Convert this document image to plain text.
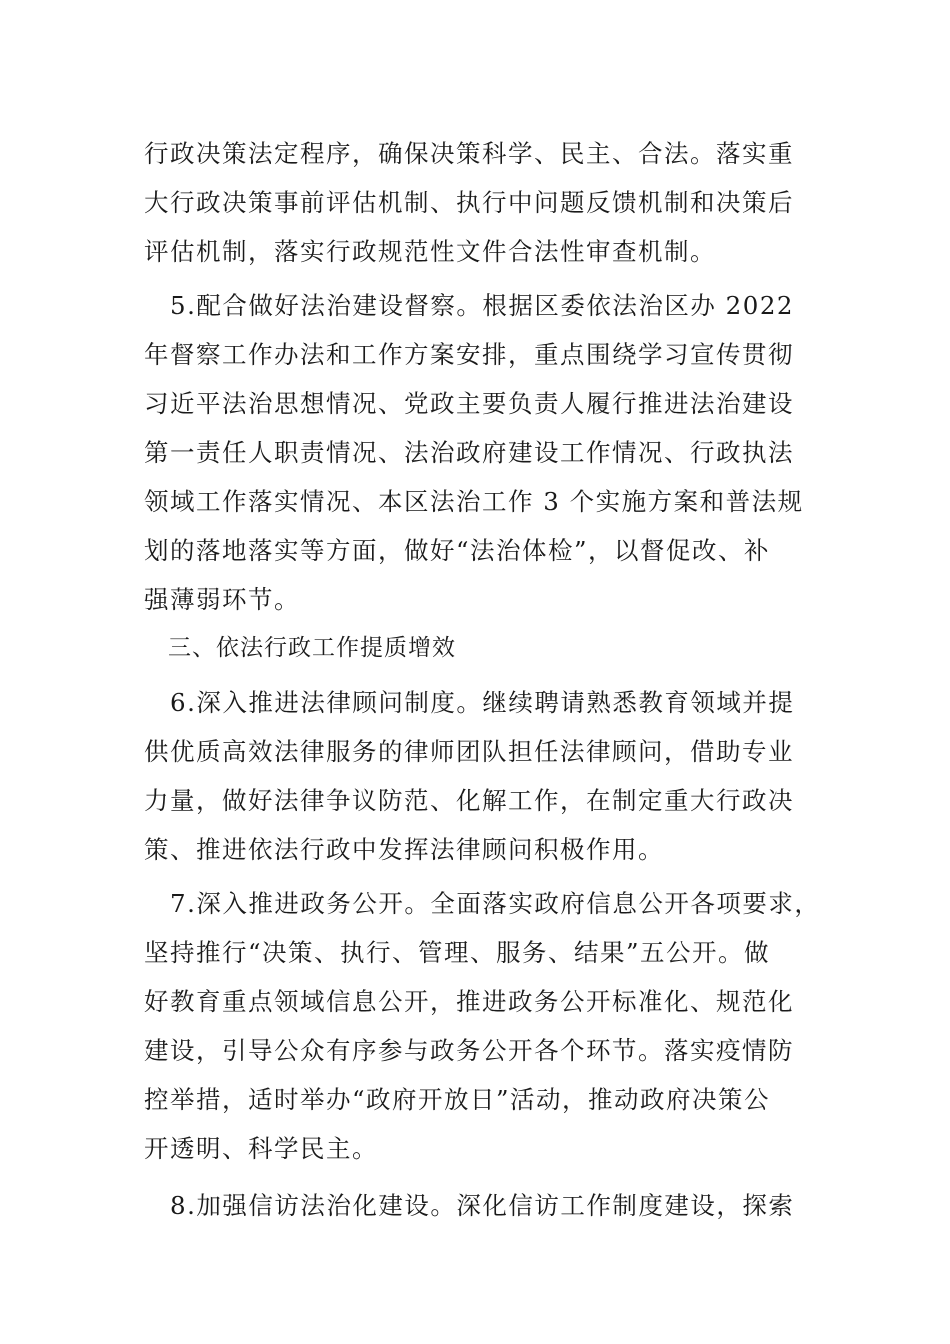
行政决策法定程序，确保决策科学、民主、合法。落实重
大行政决策事前评估机制、执行中问题反馈机制和决策后
评估机制，落实行政规范性文件合法性审查机制。
　5.配合做好法治建设督察。根据区委依法治区办 2022
年督察工作办法和工作方案安排，重点围绕学习宣传贯彻
习近平法治思想情况、党政主要负责人履行推进法治建设
第一责任人职责情况、法治政府建设工作情况、行政执法
领域工作落实情况、本区法治工作 3 个实施方案和普法规
划的落地落实等方面，做好“法治体检”，以督促改、补
强薄弱环节。
　三、依法行政工作提质增效
　6.深入推进法律顾问制度。继续聘请熟悉教育领域并提
供优质高效法律服务的律师团队担任法律顾问，借助专业
力量，做好法律争议防范、化解工作，在制定重大行政决
策、推进依法行政中发挥法律顾问积极作用。
　7.深入推进政务公开。全面落实政府信息公开各项要求，
坚持推行“决策、执行、管理、服务、结果”五公开。做
好教育重点领域信息公开，推进政务公开标准化、规范化
建设，引导公众有序参与政务公开各个环节。落实疫情防
控举措，适时举办“政府开放日”活动，推动政府决策公
开透明、科学民主。
　8.加强信访法治化建设。深化信访工作制度建设，探索
